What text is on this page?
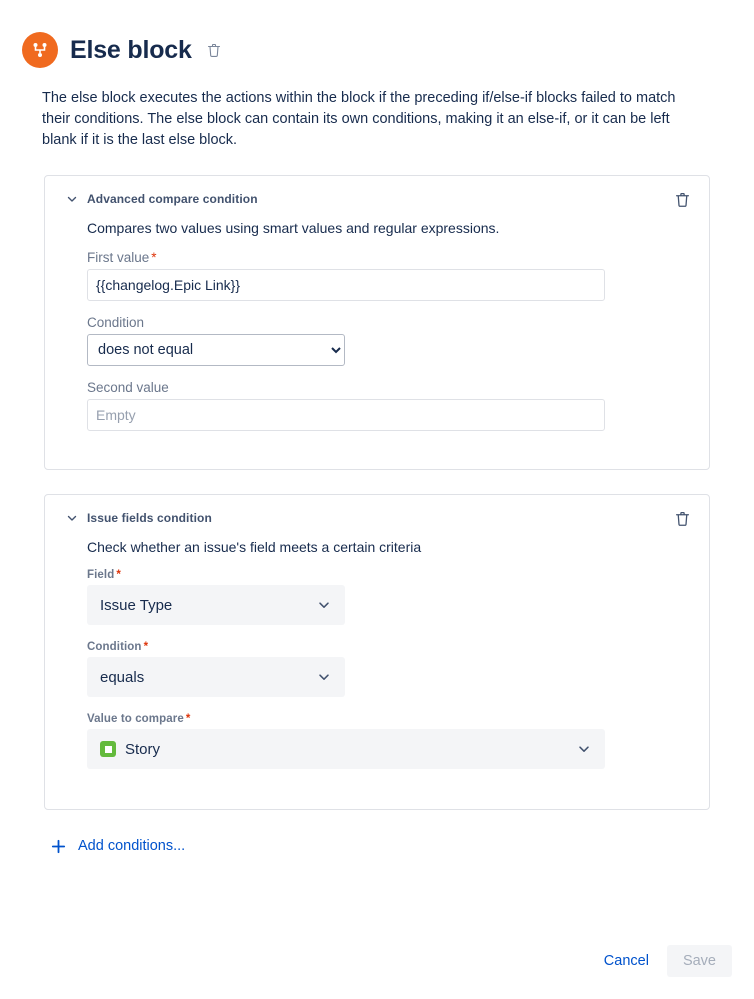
Else block
The else block executes the actions within the block if the preceding if/else-if blocks failed to match their conditions. The else block can contain its own conditions, making it an else-if, or it can be left blank if it is the last else block.
Advanced compare condition
Compares two values using smart values and regular expressions.
First value *
{{changelog.Epic Link}}
Condition
does not equal
Second value
Empty
Issue fields condition
Check whether an issue's field meets a certain criteria
Field *
Issue Type
Condition *
equals
Value to compare *
Story
Add conditions...
Cancel	Save
